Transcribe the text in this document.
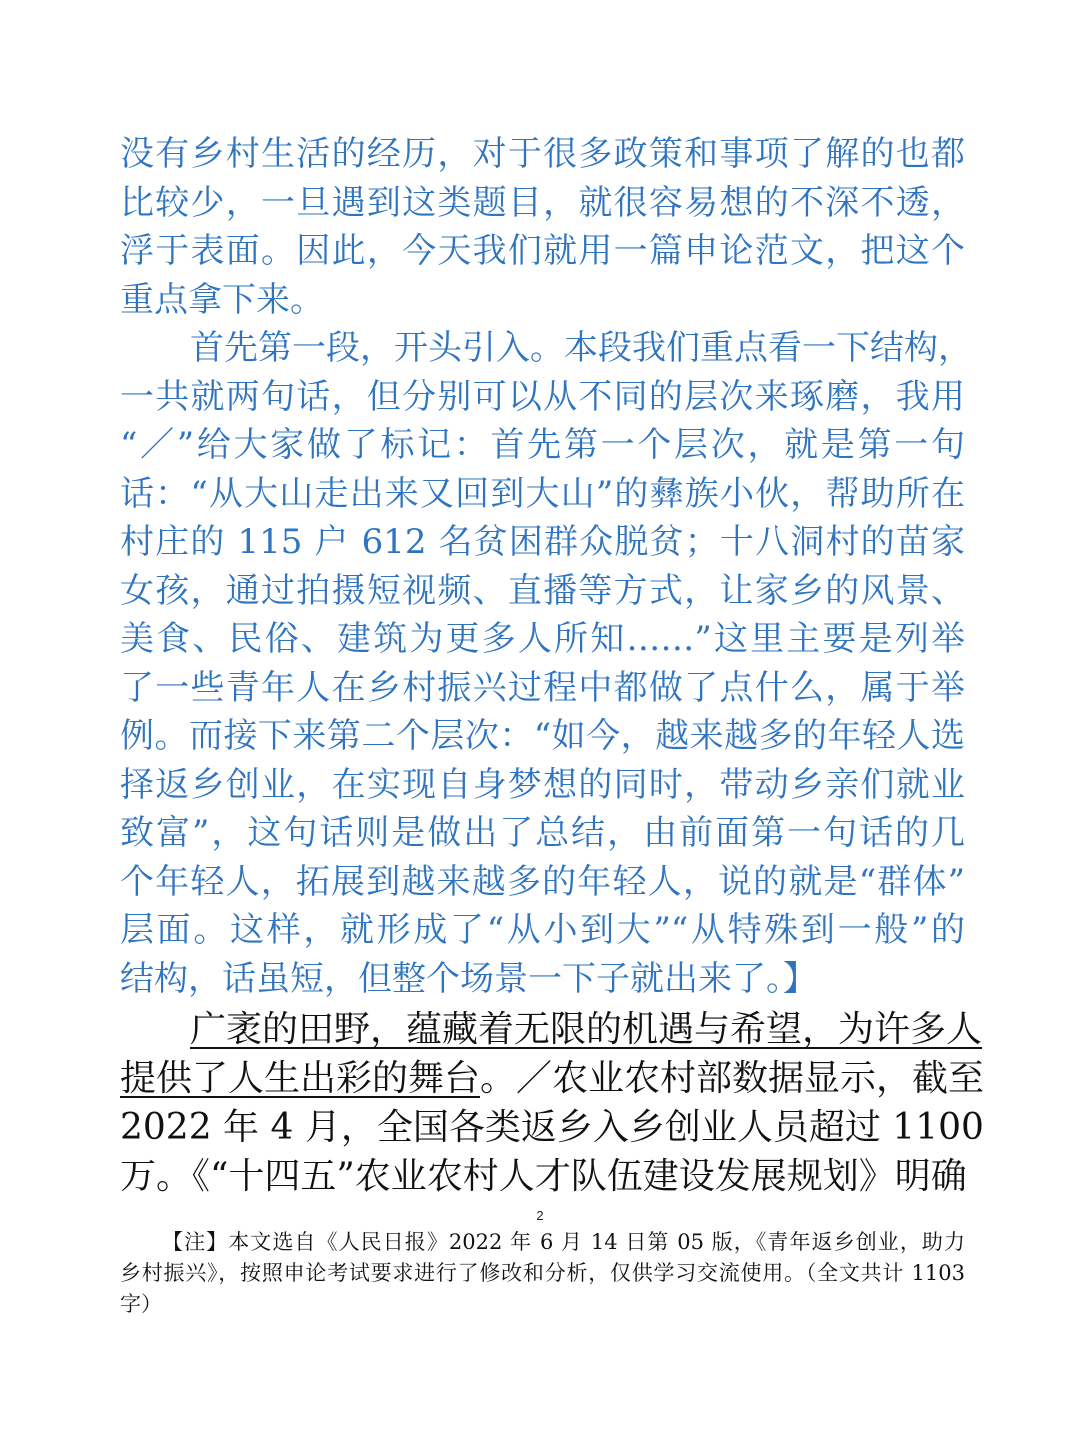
没有乡村生活的经历，对于很多政策和事项了解的也都
比较少，一旦遇到这类题目，就很容易想的不深不透，
浮于表面。因此，今天我们就用一篇申论范文，把这个
重点拿下来。
首先第一段，开头引入。本段我们重点看一下结构，
一共就两句话，但分别可以从不同的层次来琢磨，我用
“／”给大家做了标记：首先第一个层次，就是第一句
话：“从大山走出来又回到大山”的彝族小伙，帮助所在
村庄的 115 户 612 名贫困群众脱贫；十八洞村的苗家
女孩，通过拍摄短视频、直播等方式，让家乡的风景、
美食、民俗、建筑为更多人所知……”这里主要是列举
了一些青年人在乡村振兴过程中都做了点什么，属于举
例。而接下来第二个层次：“如今，越来越多的年轻人选
择返乡创业，在实现自身梦想的同时，带动乡亲们就业
致富”，这句话则是做出了总结，由前面第一句话的几
个年轻人，拓展到越来越多的年轻人，说的就是“群体”
层面。这样，就形成了“从小到大”“从特殊到一般”的
结构，话虽短，但整个场景一下子就出来了。】
广袤的田野，蕴藏着无限的机遇与希望，为许多人
提供了人生出彩的舞台。／农业农村部数据显示，截至
2022 年 4 月，全国各类返乡入乡创业人员超过 1100
万。《“十四五”农业农村人才队伍建设发展规划》明确
2
【注】本文选自《人民日报》2022 年 6 月 14 日第 05 版，《青年返乡创业，助力
乡村振兴》，按照申论考试要求进行了修改和分析，仅供学习交流使用。（全文共计 1103
字）
